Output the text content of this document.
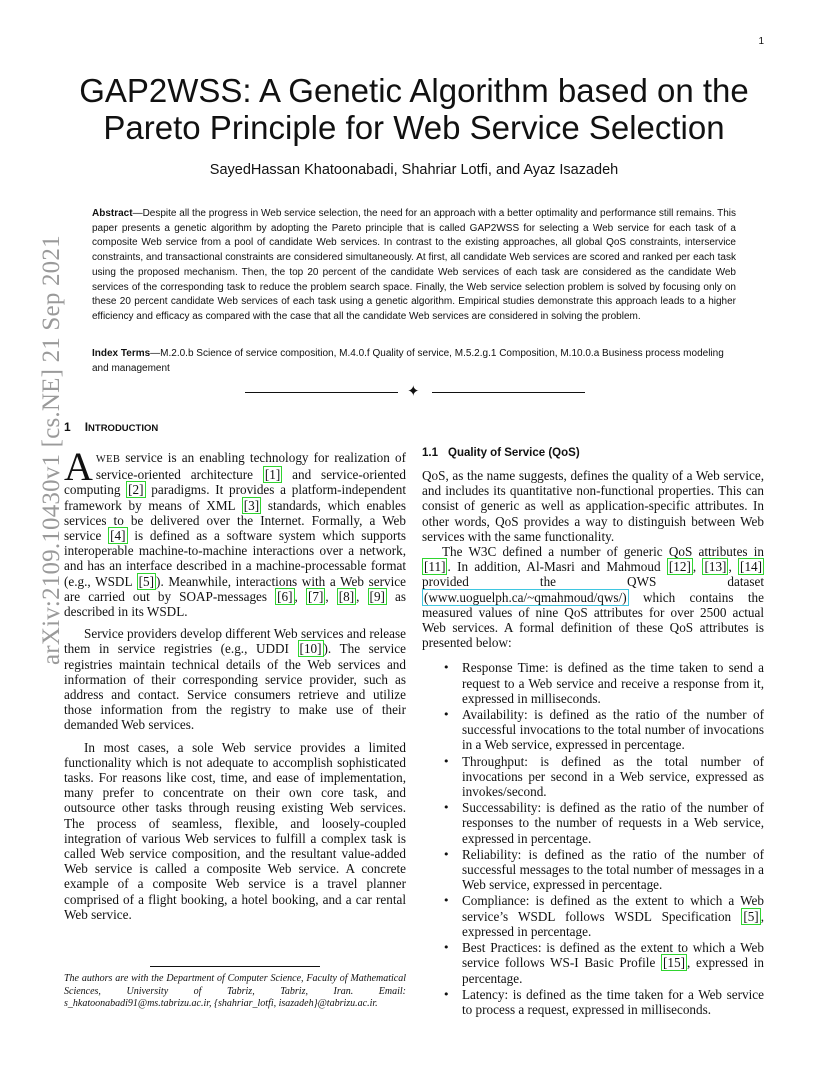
1
arXiv:2109.10430v1 [cs.NE] 21 Sep 2021
GAP2WSS: A Genetic Algorithm based on the
Pareto Principle for Web Service Selection
SayedHassan Khatoonabadi, Shahriar Lotfi, and Ayaz Isazadeh

Abstract—Despite all the progress in Web service selection, the need for an approach with a better optimality and performance still remains. This paper presents a genetic algorithm by adopting the Pareto principle that is called GAP2WSS for selecting a Web service for each task of a composite Web service from a pool of candidate Web services. In contrast to the existing approaches, all global QoS constraints, interservice constraints, and transactional constraints are considered simultaneously. At first, all candidate Web services are scored and ranked per each task using the proposed mechanism. Then, the top 20 percent of the candidate Web services of each task are considered as the candidate Web services of the corresponding task to reduce the problem search space. Finally, the Web service selection problem is solved by focusing only on these 20 percent candidate Web services of each task using a genetic algorithm. Empirical studies demonstrate this approach leads to a higher efficiency and efficacy as compared with the case that all the candidate Web services are considered in solving the problem.

Index Terms—M.2.0.b Science of service composition, M.4.0.f Quality of service, M.5.2.g.1 Composition, M.10.0.a Business process modeling and management

✦
1 INTRODUCTION

AWEB service is an enabling technology for realization of service-oriented architecture [1] and service-oriented computing [2] paradigms. It provides a platform-independent framework by means of XML [3] standards, which enables services to be delivered over the Internet. Formally, a Web service [4] is defined as a software system which supports interoperable machine-to-machine interactions over a network, and has an interface described in a machine-processable format (e.g., WSDL [5] ). Meanwhile, interactions with a Web service are carried out by SOAP-messages [6] , [7] , [8] , [9] as described in its WSDL.

Service providers develop different Web services and release them in service registries (e.g., UDDI [10] ). The service registries maintain technical details of the Web services and information of their corresponding service provider, such as address and contact. Service consumers retrieve and utilize those information from the registry to make use of their demanded Web services.

In most cases, a sole Web service provides a limited functionality which is not adequate to accomplish sophisticated tasks. For reasons like cost, time, and ease of implementation, many prefer to concentrate on their own core task, and outsource other tasks through reusing existing Web services. The process of seamless, flexible, and loosely-coupled integration of various Web services to fulfill a complex task is called Web service composition, and the resultant value-added Web service is called a composite Web service. A concrete example of a composite Web service is a travel planner comprised of a flight booking, a hotel booking, and a car rental Web service.

1.1 Quality of Service (QoS)

QoS, as the name suggests, defines the quality of a Web service, and includes its quantitative non-functional properties. This can consist of generic as well as application-specific attributes. In other words, QoS provides a way to distinguish between Web services with the same functionality.

The W3C defined a number of generic QoS attributes in [11] . In addition, Al-Masri and Mahmoud [12] , [13] , [14] provided the QWS dataset (www.uoguelph.ca/~qmahmoud/qws/) which contains the measured values of nine QoS attributes for over 2500 actual Web services. A formal definition of these QoS attributes is presented below:

• Response Time: is defined as the time taken to send a request to a Web service and receive a response from it, expressed in milliseconds.
• Availability: is defined as the ratio of the number of successful invocations to the total number of invocations in a Web service, expressed in percentage.
• Throughput: is defined as the total number of invocations per second in a Web service, expressed as invokes/second.
• Successability: is defined as the ratio of the number of responses to the number of requests in a Web service, expressed in percentage.
• Reliability: is defined as the ratio of the number of successful messages to the total number of messages in a Web service, expressed in percentage.
• Compliance: is defined as the extent to which a Web service’s WSDL follows WSDL Specification [5] , expressed in percentage.
• Best Practices: is defined as the extent to which a Web service follows WS-I Basic Profile [15] , expressed in percentage.
• Latency: is defined as the time taken for a Web service to process a request, expressed in milliseconds.

The authors are with the Department of Computer Science, Faculty of Mathematical Sciences, University of Tabriz, Tabriz, Iran. Email: s_hkatoonabadi91@ms.tabrizu.ac.ir, {shahriar_lotfi, isazadeh}@tabrizu.ac.ir.
